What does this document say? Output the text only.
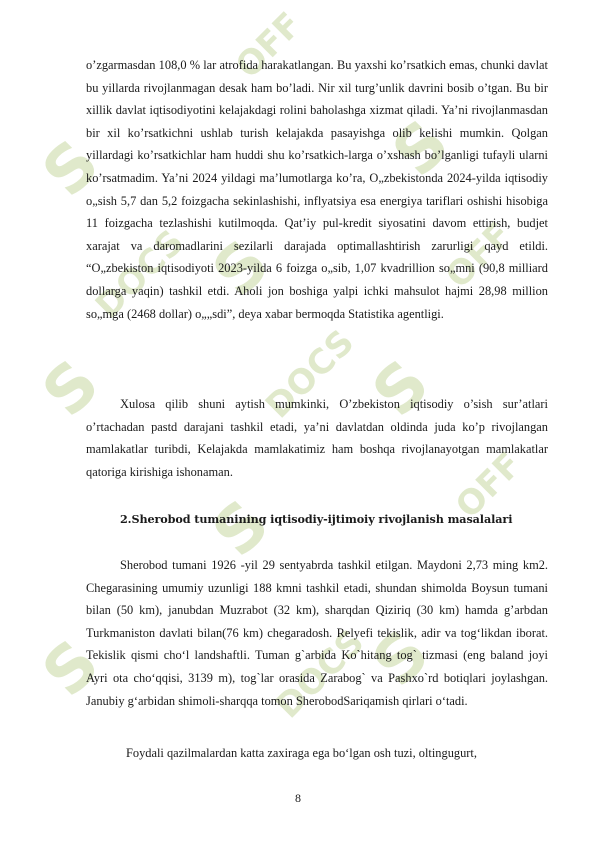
S
DOCS
S
S
OFF
S
DOCS
S
DOCS
S
OFF
S
OFF
S
o’zgarmasdan 108,0 % lar atrofida harakatlangan. Bu yaxshi ko’rsatkich emas, chunki davlat bu yillarda rivojlanmagan desak ham bo’ladi. Nir xil turg’unlik davrini bosib o’tgan. Bu bir xillik davlat iqtisodiyotini kelajakdagi rolini baholashga xizmat qiladi. Ya’ni rivojlanmasdan bir xil ko’rsatkichni ushlab turish kelajakda pasayishga olib kelishi mumkin. Qolgan yillardagi ko’rsatkichlar ham huddi shu ko’rsatkich-larga o’xshash bo’lganligi tufayli ularni ko’rsatmadim. Ya’ni 2024 yildagi ma’lumotlarga ko’ra, O„zbekistonda 2024-yilda iqtisodiy o„sish 5,7 dan 5,2 foizgacha sekinlashishi, inflyatsiya esa energiya tariflari oshishi hisobiga 11 foizgacha tezlashishi kutilmoqda. Qat’iy pul-kredit siyosatini davom ettirish, budjet xarajat va daromadlarini sezilarli darajada optimallashtirish zarurligi qayd etildi. “O„zbekiston iqtisodiyoti 2023-yilda 6 foizga o„sib, 1,07 kvadrillion so„mni (90,8 milliard dollarga yaqin) tashkil etdi. Aholi jon boshiga yalpi ichki mahsulot hajmi 28,98 million so„mga (2468 dollar) o„„sdi”, deya xabar bermoqda Statistika agentligi.
Xulosa qilib shuni aytish mumkinki, O’zbekiston iqtisodiy o’sish sur’atlari o’rtachadan pastd darajani tashkil etadi, ya’ni davlatdan oldinda juda ko’p rivojlangan mamlakatlar turibdi, Kelajakda mamlakatimiz ham boshqa rivojlanayotgan mamlakatlar qatoriga kirishiga ishonaman.
2.Sherobod tumanining iqtisodiy-ijtimoiy rivojlanish masalalari
Sherobod tumani 1926 -yil 29 sentyabrda tashkil etilgan. Maydoni 2,73 ming km2. Chegarasining umumiy uzunligi 188 kmni tashkil etadi, shundan shimolda Boysun tumani bilan (50 km), janubdan Muzrabot (32 km), sharqdan Qiziriq (30 km) hamda g’arbdan Turkmaniston davlati bilan(76 km) chegaradosh. Relyefi tekislik, adir va tog‘likdan iborat. Tekislik qismi cho‘l landshaftli. Tuman g`arbida Ko`hitang tog` tizmasi (eng baland joyi Ayri ota cho‘qqisi, 3139 m), tog`lar orasida Zarabog` va Pashxo`rd botiqlari joylashgan. Janubiy g‘arbidan shimoli-sharqqa tomon SherobodSariqamish qirlari o‘tadi.
Foydali qazilmalardan katta zaxiraga ega bo‘lgan osh tuzi, oltingugurt,
8
